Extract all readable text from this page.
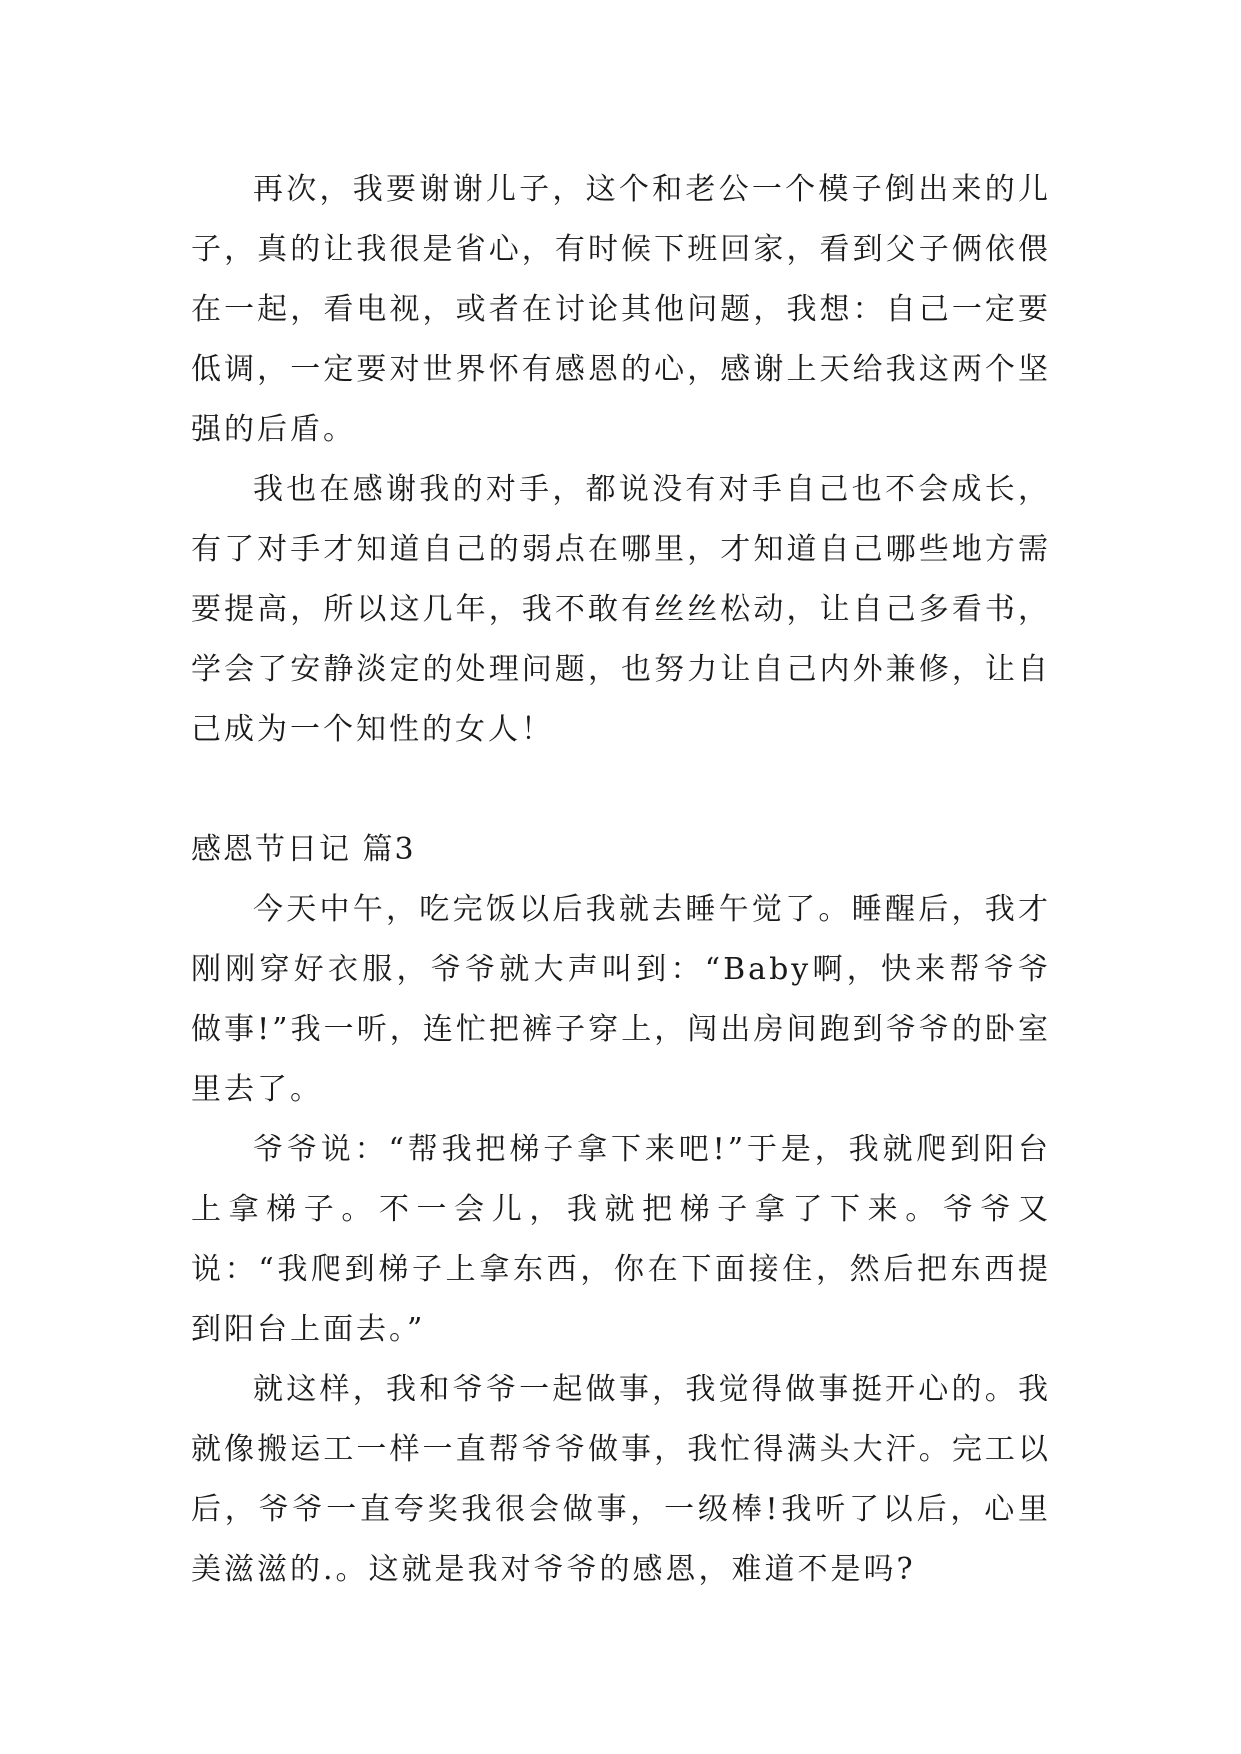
再次，我要谢谢儿子，这个和老公一个模子倒出来的儿子，真的让我很是省心，有时候下班回家，看到父子俩依偎在一起，看电视，或者在讨论其他问题，我想：自己一定要低调，一定要对世界怀有感恩的心，感谢上天给我这两个坚强的后盾。

我也在感谢我的对手，都说没有对手自己也不会成长，有了对手才知道自己的弱点在哪里，才知道自己哪些地方需要提高，所以这几年，我不敢有丝丝松动，让自己多看书，学会了安静淡定的处理问题，也努力让自己内外兼修，让自己成为一个知性的女人！

感恩节日记 篇3

今天中午，吃完饭以后我就去睡午觉了。睡醒后，我才刚刚穿好衣服，爷爷就大声叫到：“Baby啊，快来帮爷爷做事!”我一听，连忙把裤子穿上，闯出房间跑到爷爷的卧室里去了。

爷爷说：“帮我把梯子拿下来吧!”于是，我就爬到阳台上拿梯子。不一会儿，我就把梯子拿了下来。爷爷又说：“我爬到梯子上拿东西，你在下面接住，然后把东西提到阳台上面去。”

就这样，我和爷爷一起做事，我觉得做事挺开心的。我就像搬运工一样一直帮爷爷做事，我忙得满头大汗。完工以后，爷爷一直夸奖我很会做事，一级棒!我听了以后，心里美滋滋的.。这就是我对爷爷的感恩，难道不是吗?
